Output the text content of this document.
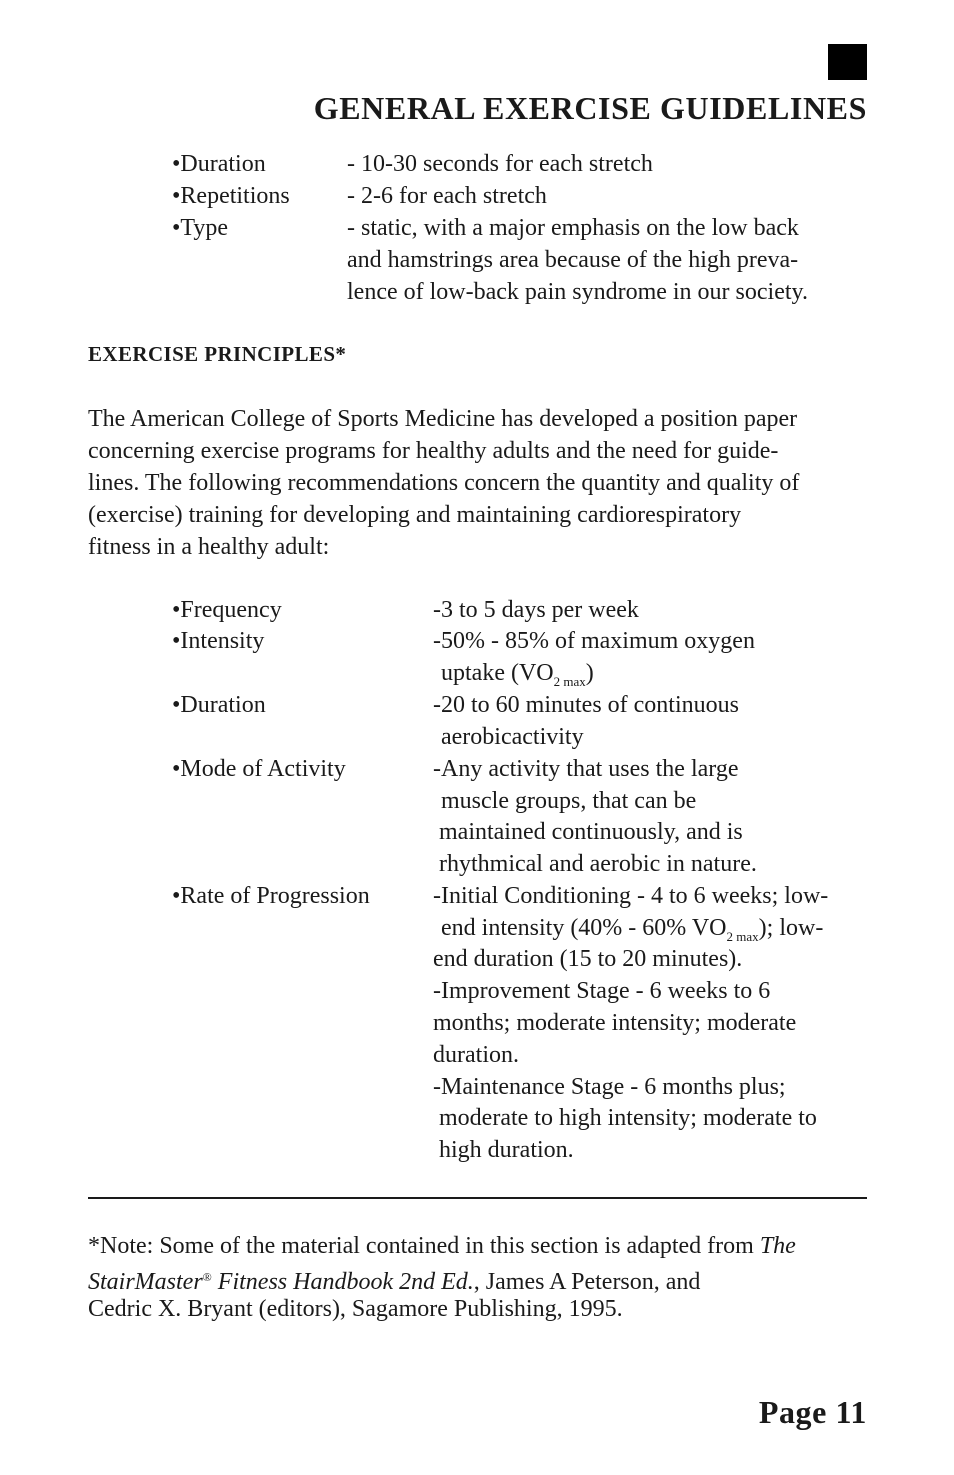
GENERAL EXERCISE GUIDELINES
•Duration	- 10-30 seconds for each stretch
•Repetitions - 2-6 for each stretch
•Type	- static, with a major emphasis on the low back
and hamstrings area because of the high preva-
lence of low-back pain syndrome in our society.
EXERCISE PRINCIPLES*
The American College of Sports Medicine has developed a position paper
concerning exercise programs for healthy adults and the need for guide-
lines. The following recommendations concern the quantity and quality of
(exercise) training for developing and maintaining cardiorespiratory
fitness in a healthy adult:
•Frequency	-3 to 5 days per week
•Intensity	-50% - 85% of maximum oxygen
uptake $(VO_{2 max})$
•Duration	-20 to 60 minutes of continuous
aerobicactivity
•Mode of Activity	-Any activity that uses the large
muscle groups, that can be
maintained continuously, and is
rhythmical and aerobic in nature.
•Rate of Progression	-Initial Conditioning - 4 to 6 weeks; low-
end intensity (40% - 60% $VO_{2 max}$); low-
end duration (15 to 20 minutes).
-Improvement Stage - 6 weeks to 6
months; moderate intensity; moderate
duration.
-Maintenance Stage - 6 months plus;
moderate to high intensity; moderate to
high duration.
*Note: Some of the material contained in this section is adapted from The
StairMaster® Fitness Handbook 2nd Ed., James A Peterson, and
Cedric X. Bryant (editors), Sagamore Publishing, 1995.
Page 11
